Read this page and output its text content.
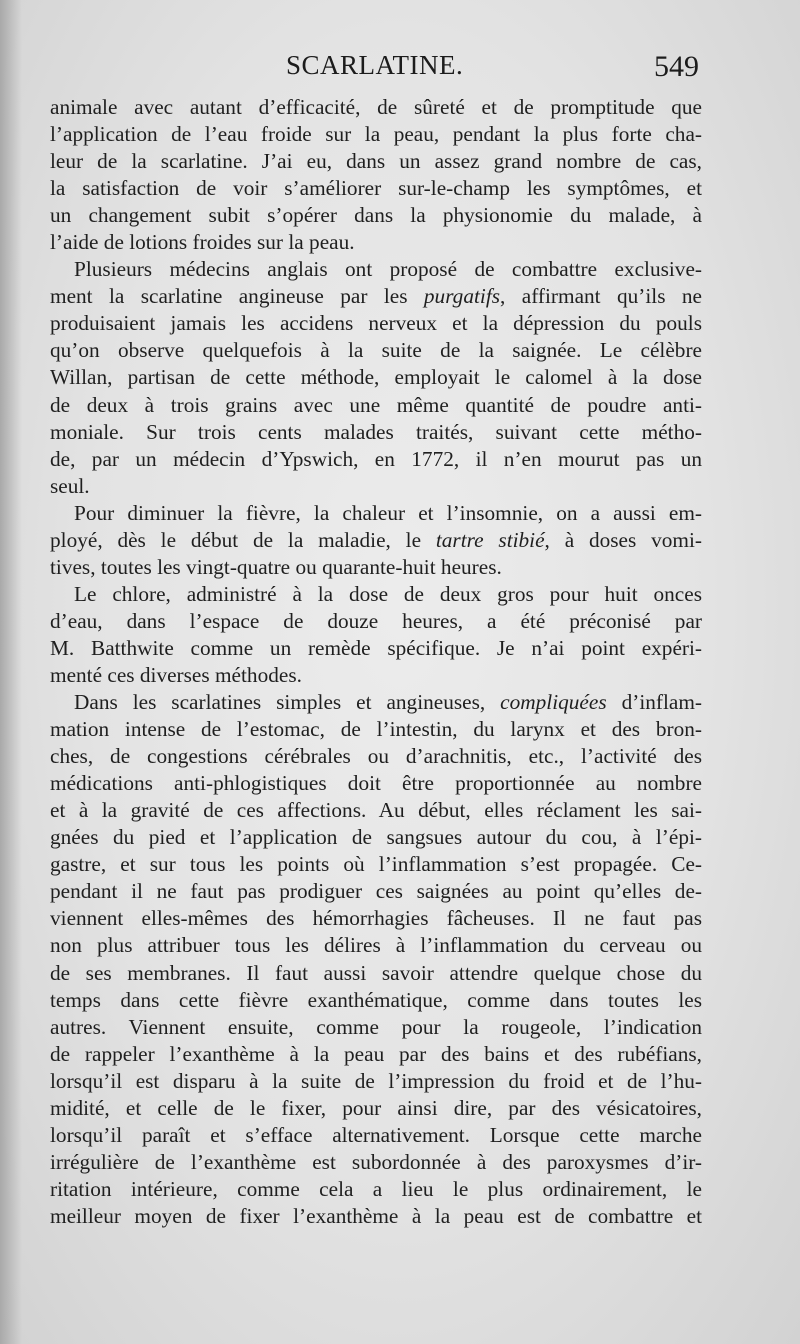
SCARLATINE.	549
animale avec autant d’efficacité, de sûreté et de promptitude que
l’application de l’eau froide sur la peau, pendant la plus forte cha-
leur de la scarlatine. J’ai eu, dans un assez grand nombre de cas,
la satisfaction de voir s’améliorer sur-le-champ les symptômes, et
un changement subit s’opérer dans la physionomie du malade, à
l’aide de lotions froides sur la peau.
Plusieurs médecins anglais ont proposé de combattre exclusive-
ment la scarlatine angineuse par les purgatifs, affirmant qu’ils ne
produisaient jamais les accidens nerveux et la dépression du pouls
qu’on observe quelquefois à la suite de la saignée. Le célèbre
Willan, partisan de cette méthode, employait le calomel à la dose
de deux à trois grains avec une même quantité de poudre anti-
moniale. Sur trois cents malades traités, suivant cette métho-
de, par un médecin d’Ypswich, en 1772, il n’en mourut pas un
seul.
Pour diminuer la fièvre, la chaleur et l’insomnie, on a aussi em-
ployé, dès le début de la maladie, le tartre stibié, à doses vomi-
tives, toutes les vingt-quatre ou quarante-huit heures.
Le chlore, administré à la dose de deux gros pour huit onces
d’eau, dans l’espace de douze heures, a été préconisé par
M. Batthwite comme un remède spécifique. Je n’ai point expéri-
menté ces diverses méthodes.
Dans les scarlatines simples et angineuses, compliquées d’inflam-
mation intense de l’estomac, de l’intestin, du larynx et des bron-
ches, de congestions cérébrales ou d’arachnitis, etc., l’activité des
médications anti-phlogistiques doit être proportionnée au nombre
et à la gravité de ces affections. Au début, elles réclament les sai-
gnées du pied et l’application de sangsues autour du cou, à l’épi-
gastre, et sur tous les points où l’inflammation s’est propagée. Ce-
pendant il ne faut pas prodiguer ces saignées au point qu’elles de-
viennent elles-mêmes des hémorrhagies fâcheuses. Il ne faut pas
non plus attribuer tous les délires à l’inflammation du cerveau ou
de ses membranes. Il faut aussi savoir attendre quelque chose du
temps dans cette fièvre exanthématique, comme dans toutes les
autres. Viennent ensuite, comme pour la rougeole, l’indication
de rappeler l’exanthème à la peau par des bains et des rubéfians,
lorsqu’il est disparu à la suite de l’impression du froid et de l’hu-
midité, et celle de le fixer, pour ainsi dire, par des vésicatoires,
lorsqu’il paraît et s’efface alternativement. Lorsque cette marche
irrégulière de l’exanthème est subordonnée à des paroxysmes d’ir-
ritation intérieure, comme cela a lieu le plus ordinairement, le
meilleur moyen de fixer l’exanthème à la peau est de combattre et
